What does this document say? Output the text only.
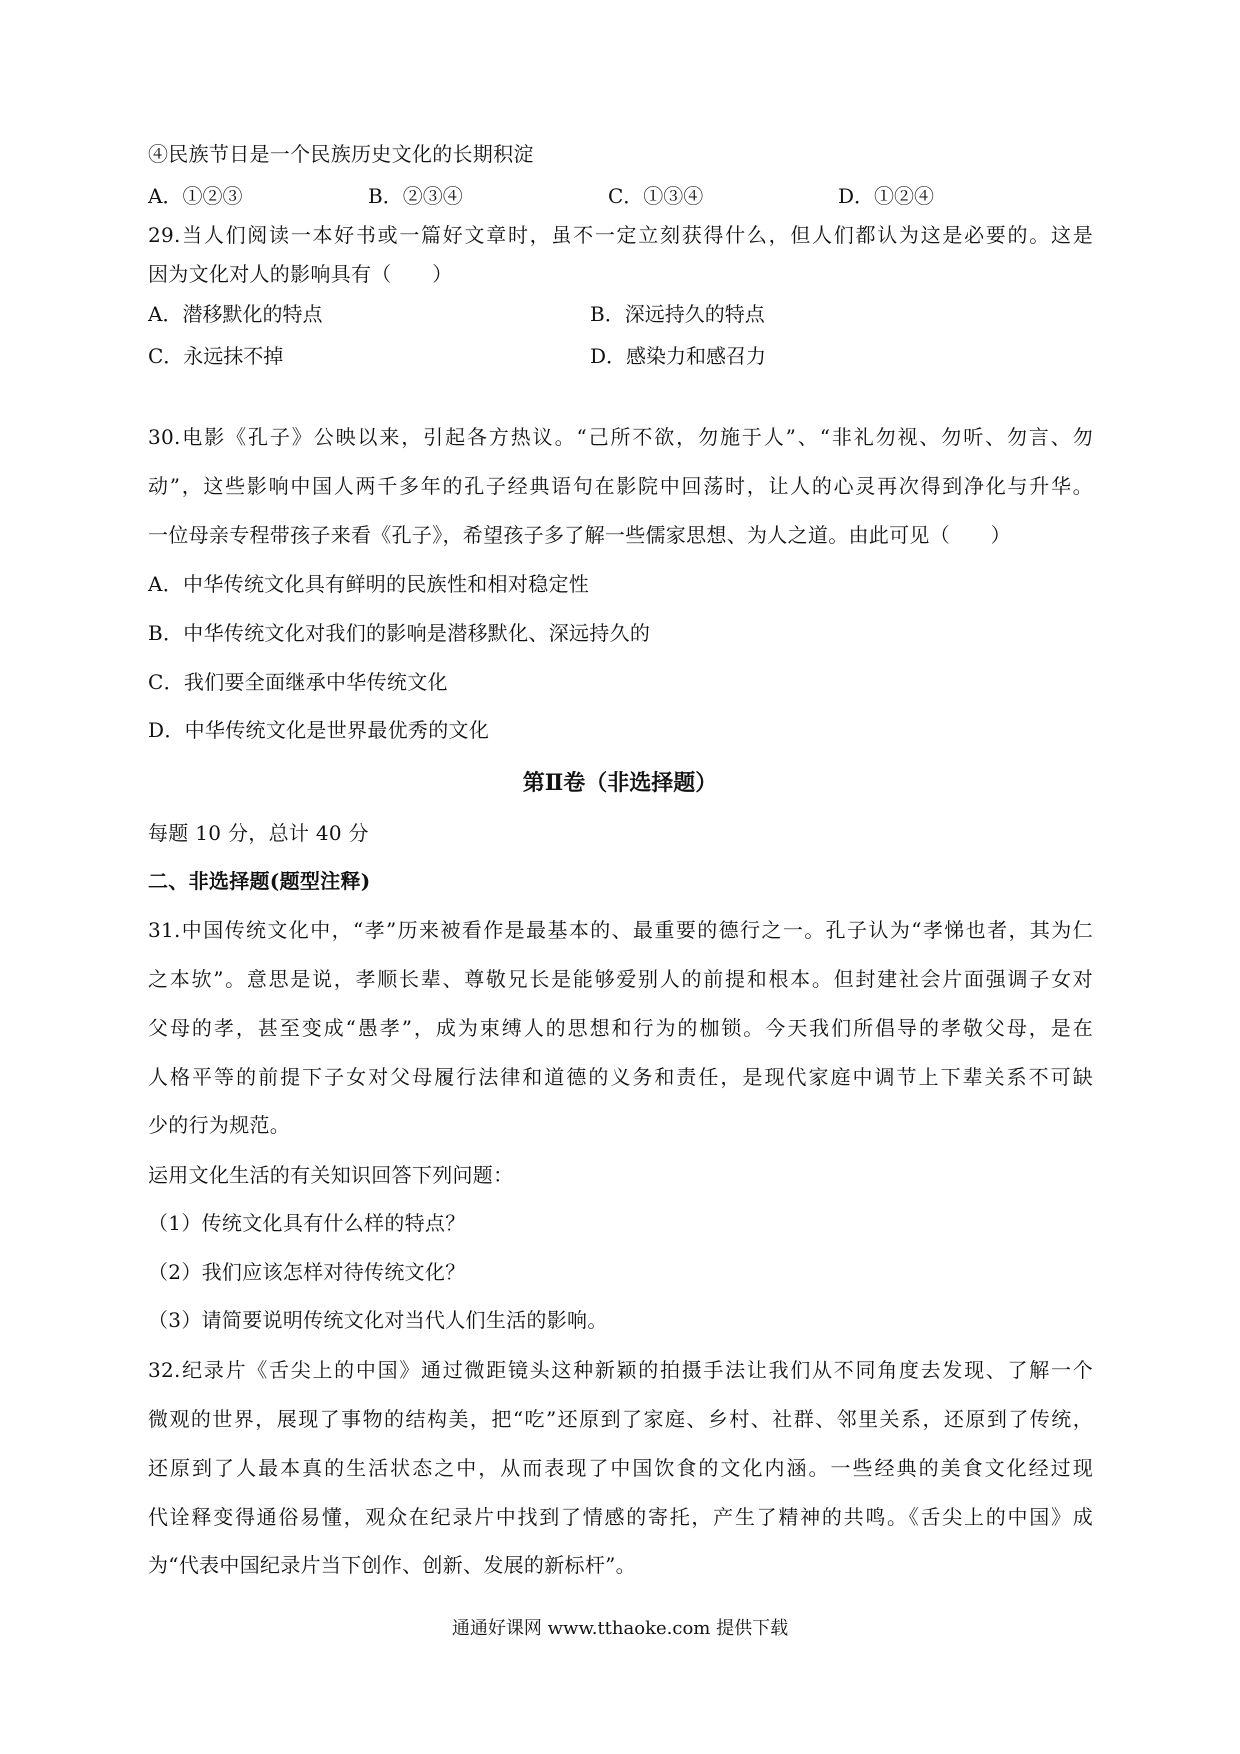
④民族节日是一个民族历史文化的长期积淀
A．①②③	B．②③④	C．①③④	D．①②④
29.当人们阅读一本好书或一篇好文章时，虽不一定立刻获得什么，但人们都认为这是必要的。这是
因为文化对人的影响具有（　　）
A．潜移默化的特点	B．深远持久的特点
C．永远抹不掉	D．感染力和感召力
30.电影《孔子》公映以来，引起各方热议。“己所不欲，勿施于人”、“非礼勿视、勿听、勿言、勿
动”，这些影响中国人两千多年的孔子经典语句在影院中回荡时，让人的心灵再次得到净化与升华。
一位母亲专程带孩子来看《孔子》，希望孩子多了解一些儒家思想、为人之道。由此可见（　　）
A．中华传统文化具有鲜明的民族性和相对稳定性
B．中华传统文化对我们的影响是潜移默化、深远持久的
C．我们要全面继承中华传统文化
D．中华传统文化是世界最优秀的文化
第Ⅱ卷（非选择题）
每题 10 分，总计 40 分
二、非选择题(题型注释)
31.中国传统文化中，“孝”历来被看作是最基本的、最重要的德行之一。孔子认为“孝悌也者，其为仁
之本欤”。意思是说，孝顺长辈、尊敬兄长是能够爱别人的前提和根本。但封建社会片面强调子女对
父母的孝，甚至变成“愚孝”，成为束缚人的思想和行为的枷锁。今天我们所倡导的孝敬父母，是在
人格平等的前提下子女对父母履行法律和道德的义务和责任，是现代家庭中调节上下辈关系不可缺
少的行为规范。
运用文化生活的有关知识回答下列问题：
（1）传统文化具有什么样的特点？
（2）我们应该怎样对待传统文化？
（3）请简要说明传统文化对当代人们生活的影响。
32.纪录片《舌尖上的中国》通过微距镜头这种新颖的拍摄手法让我们从不同角度去发现、了解一个
微观的世界，展现了事物的结构美，把“吃”还原到了家庭、乡村、社群、邻里关系，还原到了传统，
还原到了人最本真的生活状态之中，从而表现了中国饮食的文化内涵。一些经典的美食文化经过现
代诠释变得通俗易懂，观众在纪录片中找到了情感的寄托，产生了精神的共鸣。《舌尖上的中国》成
为“代表中国纪录片当下创作、创新、发展的新标杆”。
通通好课网 www.tthaoke.com 提供下载
